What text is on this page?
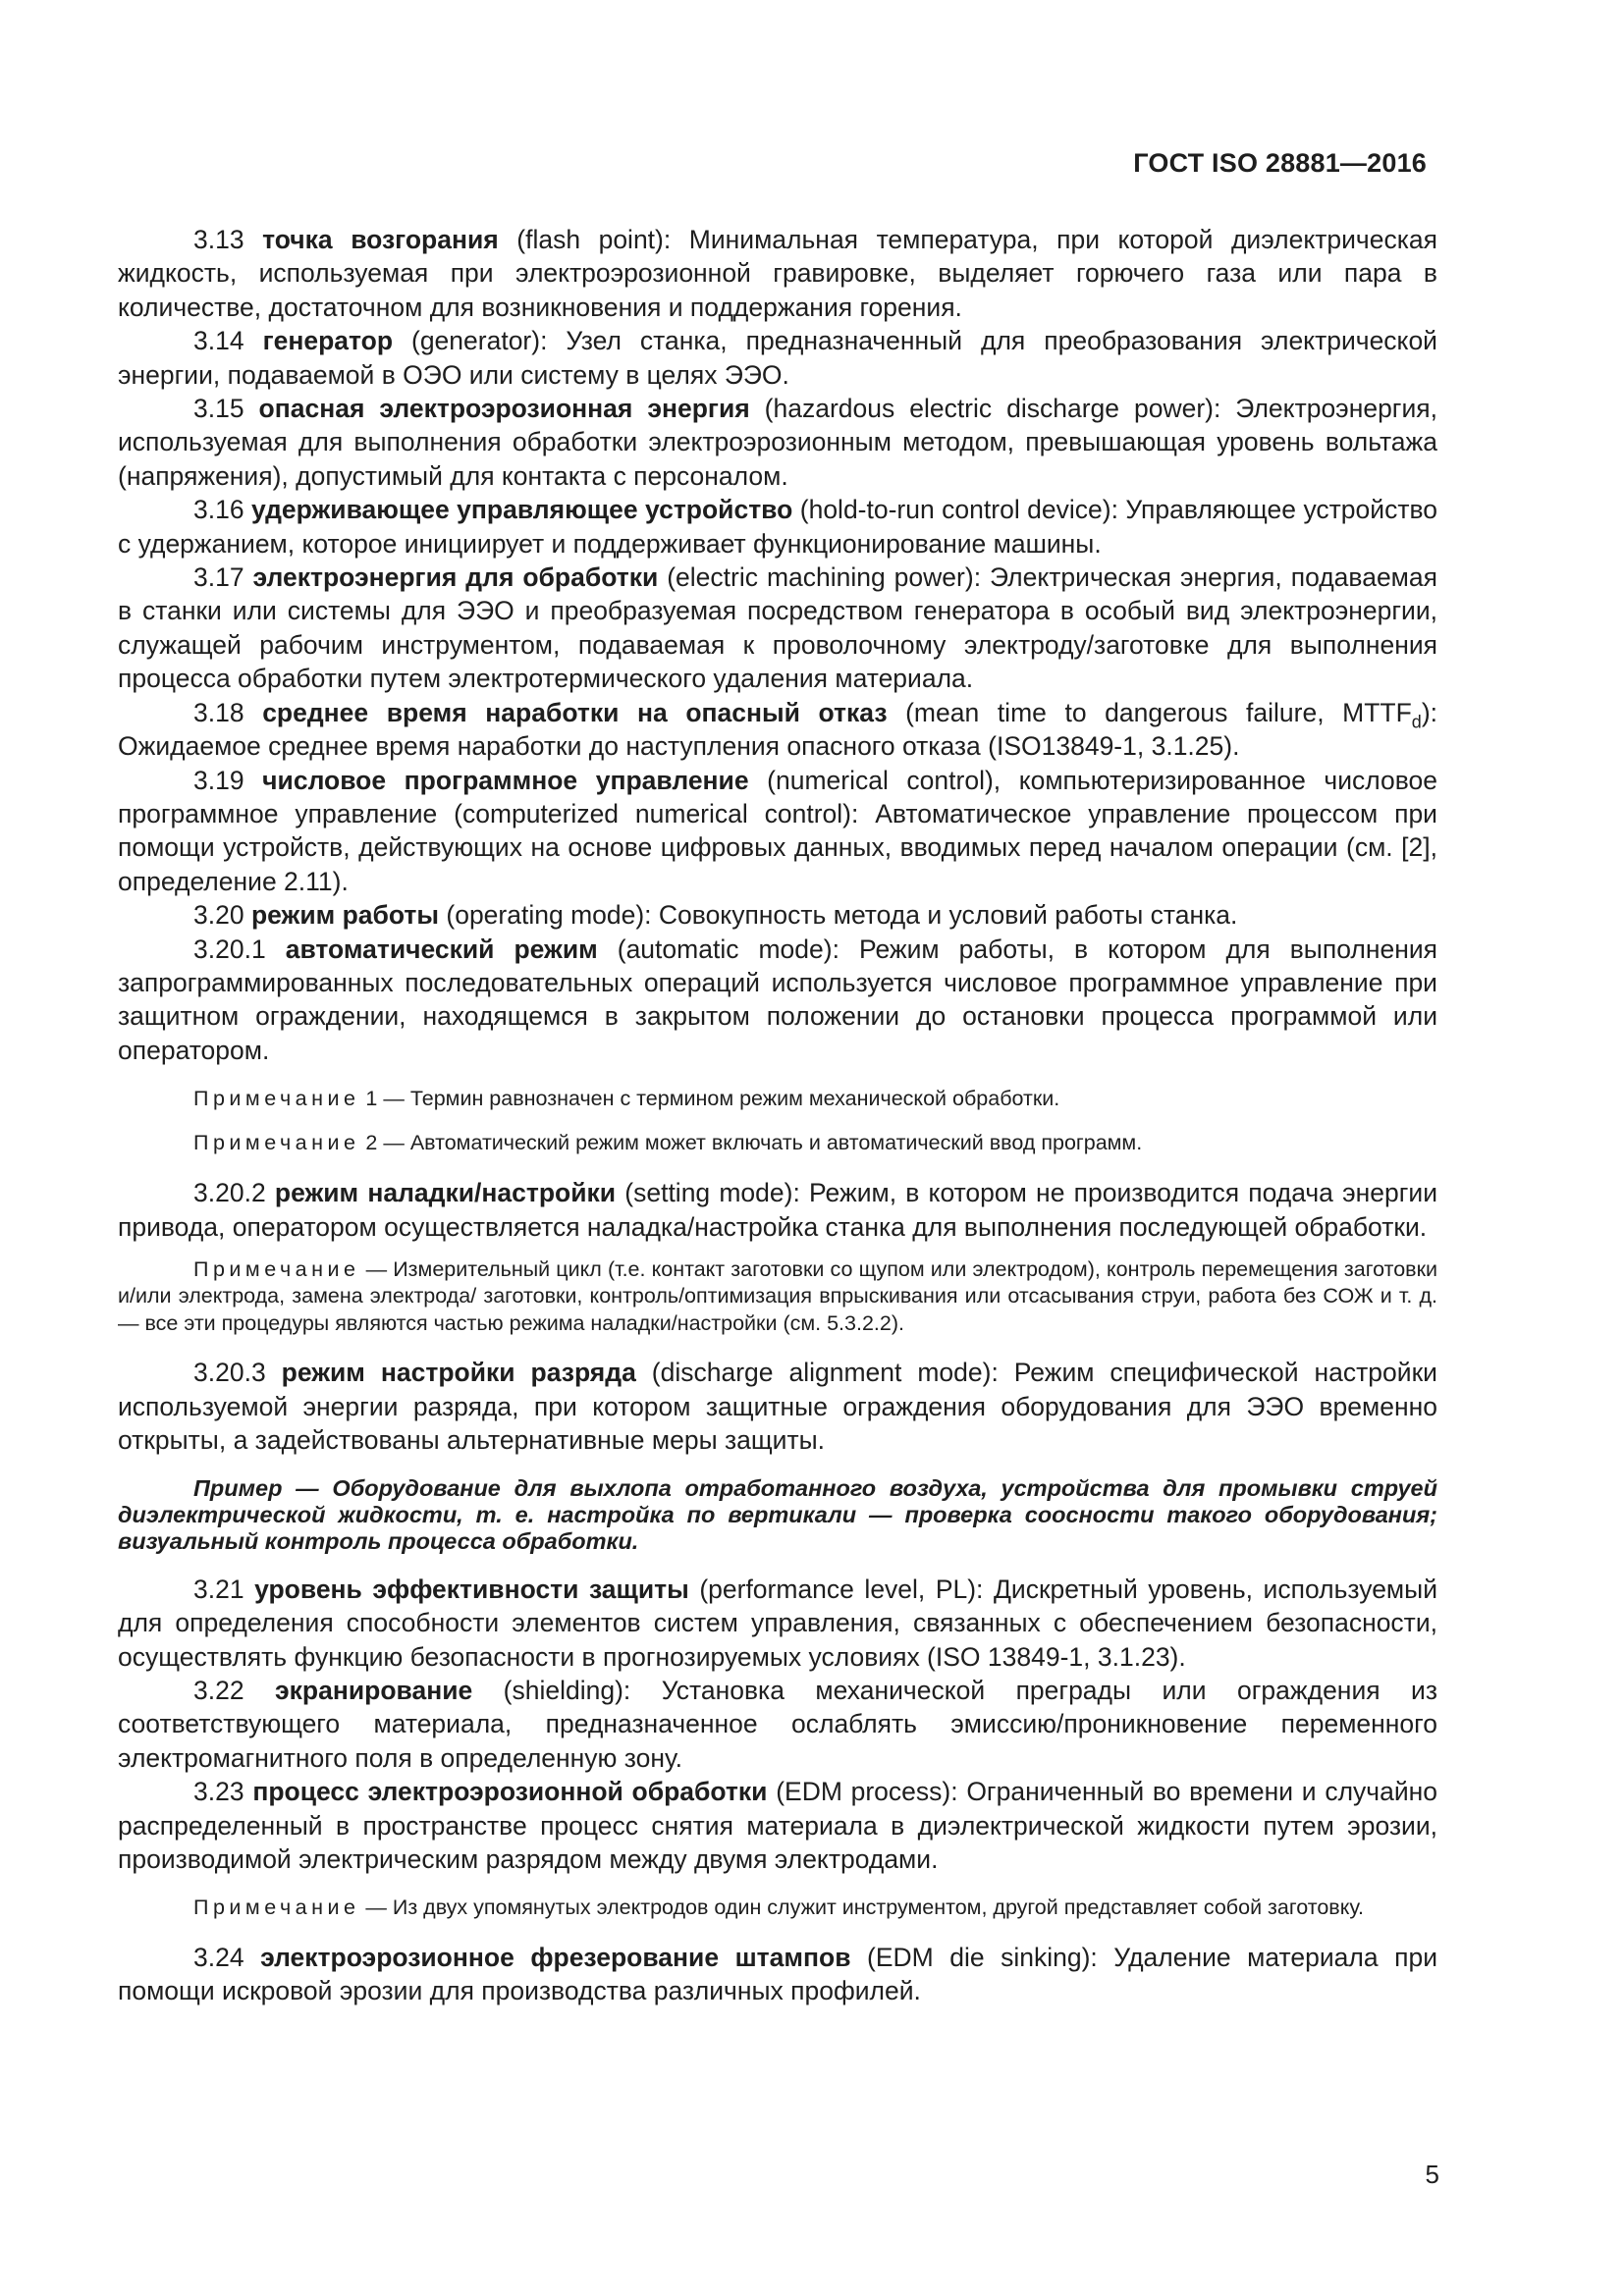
ГОСТ ISO 28881—2016

3.13 точка возгорания (flash point): Минимальная температура, при которой диэлектрическая жидкость, используемая при электроэрозионной гравировке, выделяет горючего газа или пара в количестве, достаточном для возникновения и поддержания горения.

3.14 генератор (generator): Узел станка, предназначенный для преобразования электрической энергии, подаваемой в ОЭО или систему в целях ЭЭО.

3.15 опасная электроэрозионная энергия (hazardous electric discharge power): Электроэнергия, используемая для выполнения обработки электроэрозионным методом, превышающая уровень вольтажа (напряжения), допустимый для контакта с персоналом.

3.16 удерживающее управляющее устройство (hold-to-run control device): Управляющее устройство с удержанием, которое инициирует и поддерживает функционирование машины.

3.17 электроэнергия для обработки (electric machining power): Электрическая энергия, подаваемая в станки или системы для ЭЭО и преобразуемая посредством генератора в особый вид электроэнергии, служащей рабочим инструментом, подаваемая к проволочному электроду/заготовке для выполнения процесса обработки путем электротермического удаления материала.

3.18 среднее время наработки на опасный отказ (mean time to dangerous failure, $MTTF_d$): Ожидаемое среднее время наработки до наступления опасного отказа (ISO13849-1, 3.1.25).

3.19 числовое программное управление (numerical control), компьютеризированное числовое программное управление (computerized numerical control): Автоматическое управление процессом при помощи устройств, действующих на основе цифровых данных, вводимых перед началом операции (см. [2], определение 2.11).

3.20 режим работы (operating mode): Совокупность метода и условий работы станка.

3.20.1 автоматический режим (automatic mode): Режим работы, в котором для выполнения запрограммированных последовательных операций используется числовое программное управление при защитном ограждении, находящемся в закрытом положении до остановки процесса программой или оператором.

Примечание 1 — Термин равнозначен с термином режим механической обработки.

Примечание 2 — Автоматический режим может включать и автоматический ввод программ.

3.20.2 режим наладки/настройки (setting mode): Режим, в котором не производится подача энергии привода, оператором осуществляется наладка/настройка станка для выполнения последующей обработки.

Примечание — Измерительный цикл (т.е. контакт заготовки со щупом или электродом), контроль перемещения заготовки и/или электрода, замена электрода/ заготовки, контроль/оптимизация впрыскивания или отсасывания струи, работа без СОЖ и т. д. — все эти процедуры являются частью режима наладки/настройки (см. 5.3.2.2).

3.20.3 режим настройки разряда (discharge alignment mode): Режим специфической настройки используемой энергии разряда, при котором защитные ограждения оборудования для ЭЭО временно открыты, а задействованы альтернативные меры защиты.

Пример — Оборудование для выхлопа отработанного воздуха, устройства для промывки струей диэлектрической жидкости, т. е. настройка по вертикали — проверка соосности такого оборудования; визуальный контроль процесса обработки.

3.21 уровень эффективности защиты (performance level, PL): Дискретный уровень, используемый для определения способности элементов систем управления, связанных с обеспечением безопасности, осуществлять функцию безопасности в прогнозируемых условиях (ISO 13849-1, 3.1.23).

3.22 экранирование (shielding): Установка механической преграды или ограждения из соответствующего материала, предназначенное ослаблять эмиссию/проникновение переменного электромагнитного поля в определенную зону.

3.23 процесс электроэрозионной обработки (EDM process): Ограниченный во времени и случайно распределенный в пространстве процесс снятия материала в диэлектрической жидкости путем эрозии, производимой электрическим разрядом между двумя электродами.

Примечание — Из двух упомянутых электродов один служит инструментом, другой представляет собой заготовку.

3.24 электроэрозионное фрезерование штампов (EDM die sinking): Удаление материала при помощи искровой эрозии для производства различных профилей.

5
